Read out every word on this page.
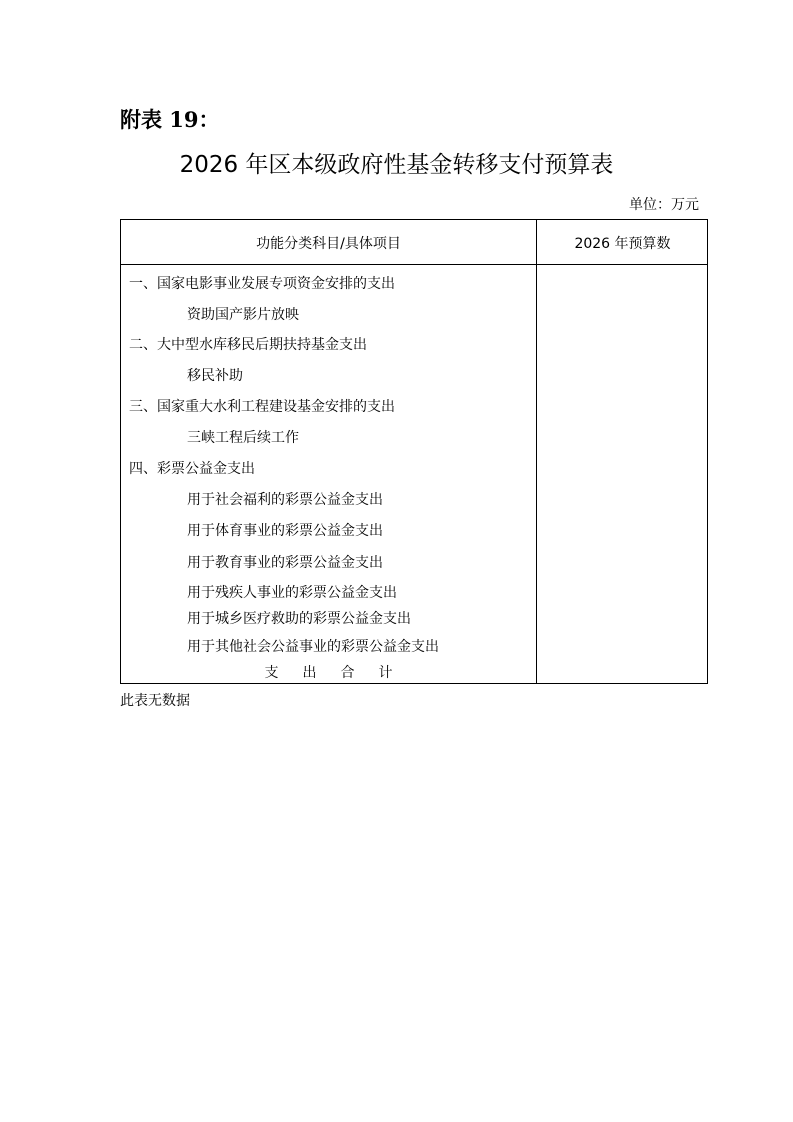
附表 19：
2026 年区本级政府性基金转移支付预算表
单位：万元
功能分类科目/具体项目	2026 年预算数
一、国家电影事业发展专项资金安排的支出
资助国产影片放映
二、大中型水库移民后期扶持基金支出
移民补助
三、国家重大水利工程建设基金安排的支出
三峡工程后续工作
四、彩票公益金支出
用于社会福利的彩票公益金支出
用于体育事业的彩票公益金支出
用于教育事业的彩票公益金支出
用于残疾人事业的彩票公益金支出
用于城乡医疗救助的彩票公益金支出
用于其他社会公益事业的彩票公益金支出
支出合计
此表无数据
